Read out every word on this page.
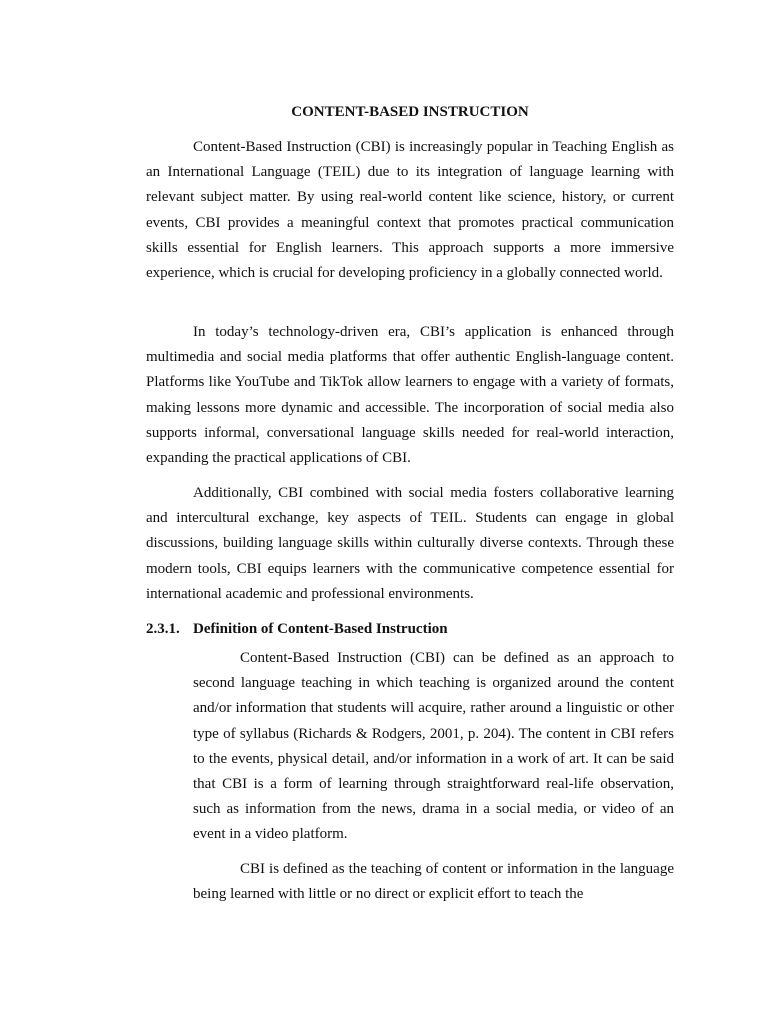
CONTENT-BASED INSTRUCTION

Content-Based Instruction (CBI) is increasingly popular in Teaching English as an International Language (TEIL) due to its integration of language learning with relevant subject matter. By using real-world content like science, history, or current events, CBI provides a meaningful context that promotes practical communication skills essential for English learners. This approach supports a more immersive experience, which is crucial for developing proficiency in a globally connected world.

In today’s technology-driven era, CBI’s application is enhanced through multimedia and social media platforms that offer authentic English-language content. Platforms like YouTube and TikTok allow learners to engage with a variety of formats, making lessons more dynamic and accessible. The incorporation of social media also supports informal, conversational language skills needed for real-world interaction, expanding the practical applications of CBI.

Additionally, CBI combined with social media fosters collaborative learning and intercultural exchange, key aspects of TEIL. Students can engage in global discussions, building language skills within culturally diverse contexts. Through these modern tools, CBI equips learners with the communicative competence essential for international academic and professional environments.

2.3.1. Definition of Content-Based Instruction

Content-Based Instruction (CBI) can be defined as an approach to second language teaching in which teaching is organized around the content and/or information that students will acquire, rather around a linguistic or other type of syllabus (Richards & Rodgers, 2001, p. 204). The content in CBI refers to the events, physical detail, and/or information in a work of art. It can be said that CBI is a form of learning through straightforward real-life observation, such as information from the news, drama in a social media, or video of an event in a video platform.

CBI is defined as the teaching of content or information in the language being learned with little or no direct or explicit effort to teach the
